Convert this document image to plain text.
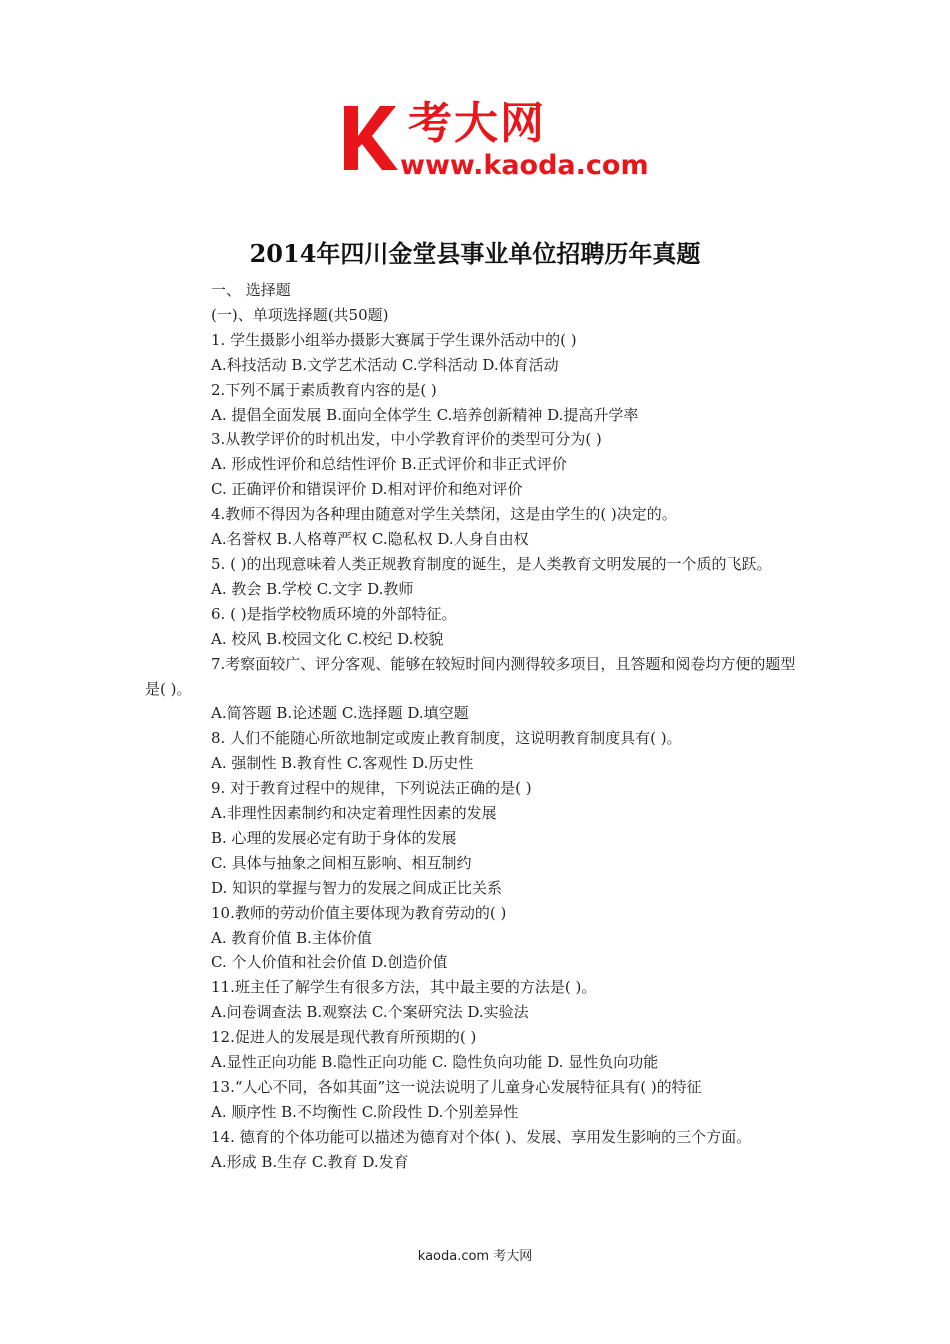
考大网
www.kaoda.com
2014年四川金堂县事业单位招聘历年真题
一、 选择题
(一)、单项选择题(共50题)
1. 学生摄影小组举办摄影大赛属于学生课外活动中的( )
A.科技活动 B.文学艺术活动 C.学科活动 D.体育活动
2.下列不属于素质教育内容的是( )
A. 提倡全面发展 B.面向全体学生 C.培养创新精神 D.提高升学率
3.从教学评价的时机出发，中小学教育评价的类型可分为( )
A. 形成性评价和总结性评价 B.正式评价和非正式评价
C. 正确评价和错误评价 D.相对评价和绝对评价
4.教师不得因为各种理由随意对学生关禁闭，这是由学生的( )决定的。
A.名誉权 B.人格尊严权 C.隐私权 D.人身自由权
5. ( )的出现意味着人类正规教育制度的诞生，是人类教育文明发展的一个质的飞跃。
A. 教会 B.学校 C.文字 D.教师
6. ( )是指学校物质环境的外部特征。
A. 校风 B.校园文化 C.校纪 D.校貌
7.考察面较广、评分客观、能够在较短时间内测得较多项目，且答题和阅卷均方便的题型是( )。
A.简答题 B.论述题 C.选择题 D.填空题
8. 人们不能随心所欲地制定或废止教育制度，这说明教育制度具有( )。
A. 强制性 B.教育性 C.客观性 D.历史性
9. 对于教育过程中的规律，下列说法正确的是( )
A.非理性因素制约和决定着理性因素的发展
B. 心理的发展必定有助于身体的发展
C. 具体与抽象之间相互影响、相互制约
D. 知识的掌握与智力的发展之间成正比关系
10.教师的劳动价值主要体现为教育劳动的( )
A. 教育价值 B.主体价值
C. 个人价值和社会价值 D.创造价值
11.班主任了解学生有很多方法，其中最主要的方法是( )。
A.问卷调查法 B.观察法 C.个案研究法 D.实验法
12.促进人的发展是现代教育所预期的( )
A.显性正向功能 B.隐性正向功能 C. 隐性负向功能 D. 显性负向功能
13.“人心不同，各如其面”这一说法说明了儿童身心发展特征具有( )的特征
A. 顺序性 B.不均衡性 C.阶段性 D.个别差异性
14. 德育的个体功能可以描述为德育对个体( )、发展、享用发生影响的三个方面。
A.形成 B.生存 C.教育 D.发育
kaoda.com 考大网
